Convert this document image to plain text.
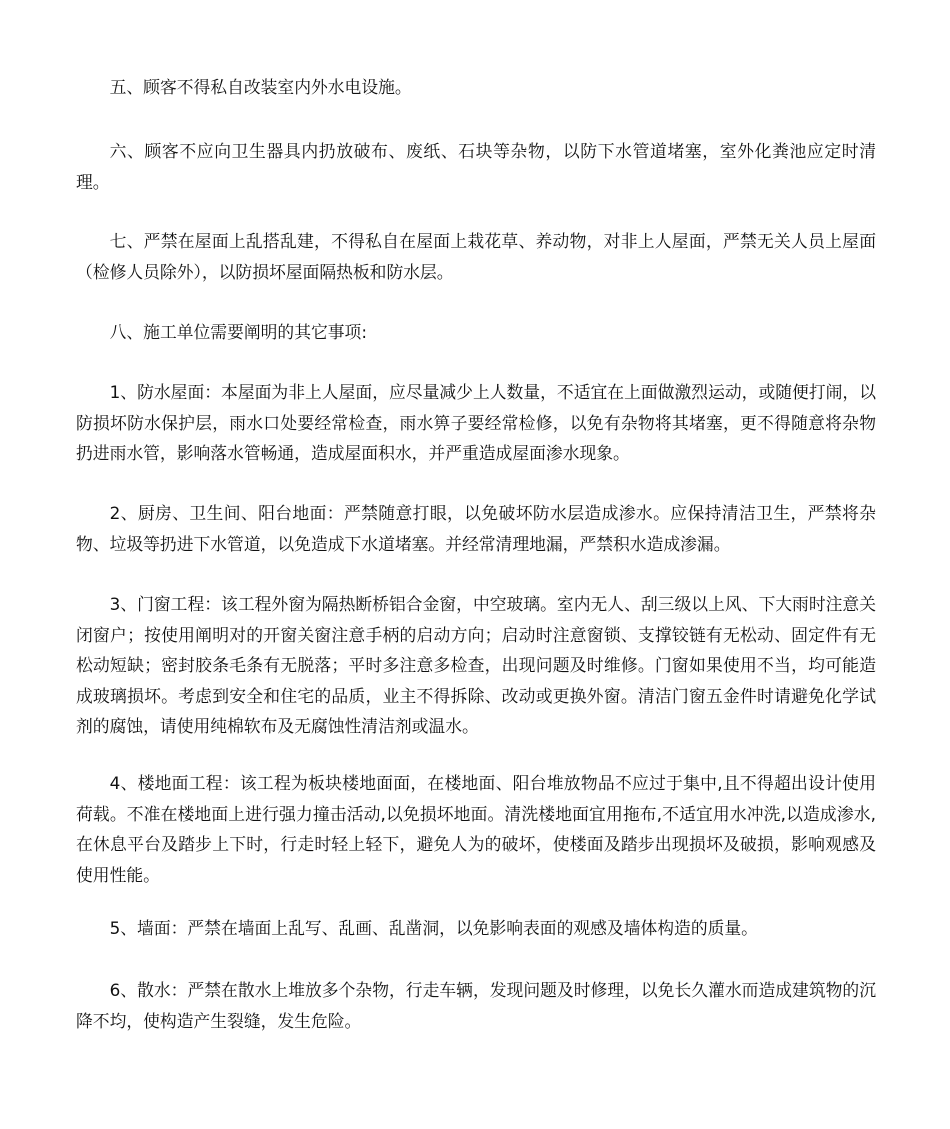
五、顾客不得私自改装室内外水电设施。

六、顾客不应向卫生器具内扔放破布、废纸、石块等杂物，以防下水管道堵塞，室外化粪池应定时清理。

七、严禁在屋面上乱搭乱建，不得私自在屋面上栽花草、养动物，对非上人屋面，严禁无关人员上屋面（检修人员除外），以防损坏屋面隔热板和防水层。

八、施工单位需要阐明的其它事项:

1、防水屋面：本屋面为非上人屋面，应尽量减少上人数量，不适宜在上面做激烈运动，或随便打闹，以防损坏防水保护层，雨水口处要经常检查，雨水箅子要经常检修，以免有杂物将其堵塞，更不得随意将杂物扔进雨水管，影响落水管畅通，造成屋面积水，并严重造成屋面渗水现象。

2、厨房、卫生间、阳台地面：严禁随意打眼，以免破坏防水层造成渗水。应保持清洁卫生，严禁将杂物、垃圾等扔进下水管道，以免造成下水道堵塞。并经常清理地漏，严禁积水造成渗漏。

3、门窗工程：该工程外窗为隔热断桥铝合金窗，中空玻璃。室内无人、刮三级以上风、下大雨时注意关闭窗户；按使用阐明对的开窗关窗注意手柄的启动方向；启动时注意窗锁、支撑铰链有无松动、固定件有无松动短缺；密封胶条毛条有无脱落；平时多注意多检查，出现问题及时维修。门窗如果使用不当，均可能造成玻璃损坏。考虑到安全和住宅的品质，业主不得拆除、改动或更换外窗。清洁门窗五金件时请避免化学试剂的腐蚀，请使用纯棉软布及无腐蚀性清洁剂或温水。

4、楼地面工程：该工程为板块楼地面面，在楼地面、阳台堆放物品不应过于集中,且不得超出设计使用荷载。不准在楼地面上进行强力撞击活动,以免损坏地面。清洗楼地面宜用拖布,不适宜用水冲洗,以造成渗水,在休息平台及踏步上下时，行走时轻上轻下，避免人为的破坏，使楼面及踏步出现损坏及破损，影响观感及使用性能。

5、墙面：严禁在墙面上乱写、乱画、乱凿洞，以免影响表面的观感及墙体构造的质量。

6、散水：严禁在散水上堆放多个杂物，行走车辆，发现问题及时修理，以免长久灌水而造成建筑物的沉降不均，使构造产生裂缝，发生危险。
